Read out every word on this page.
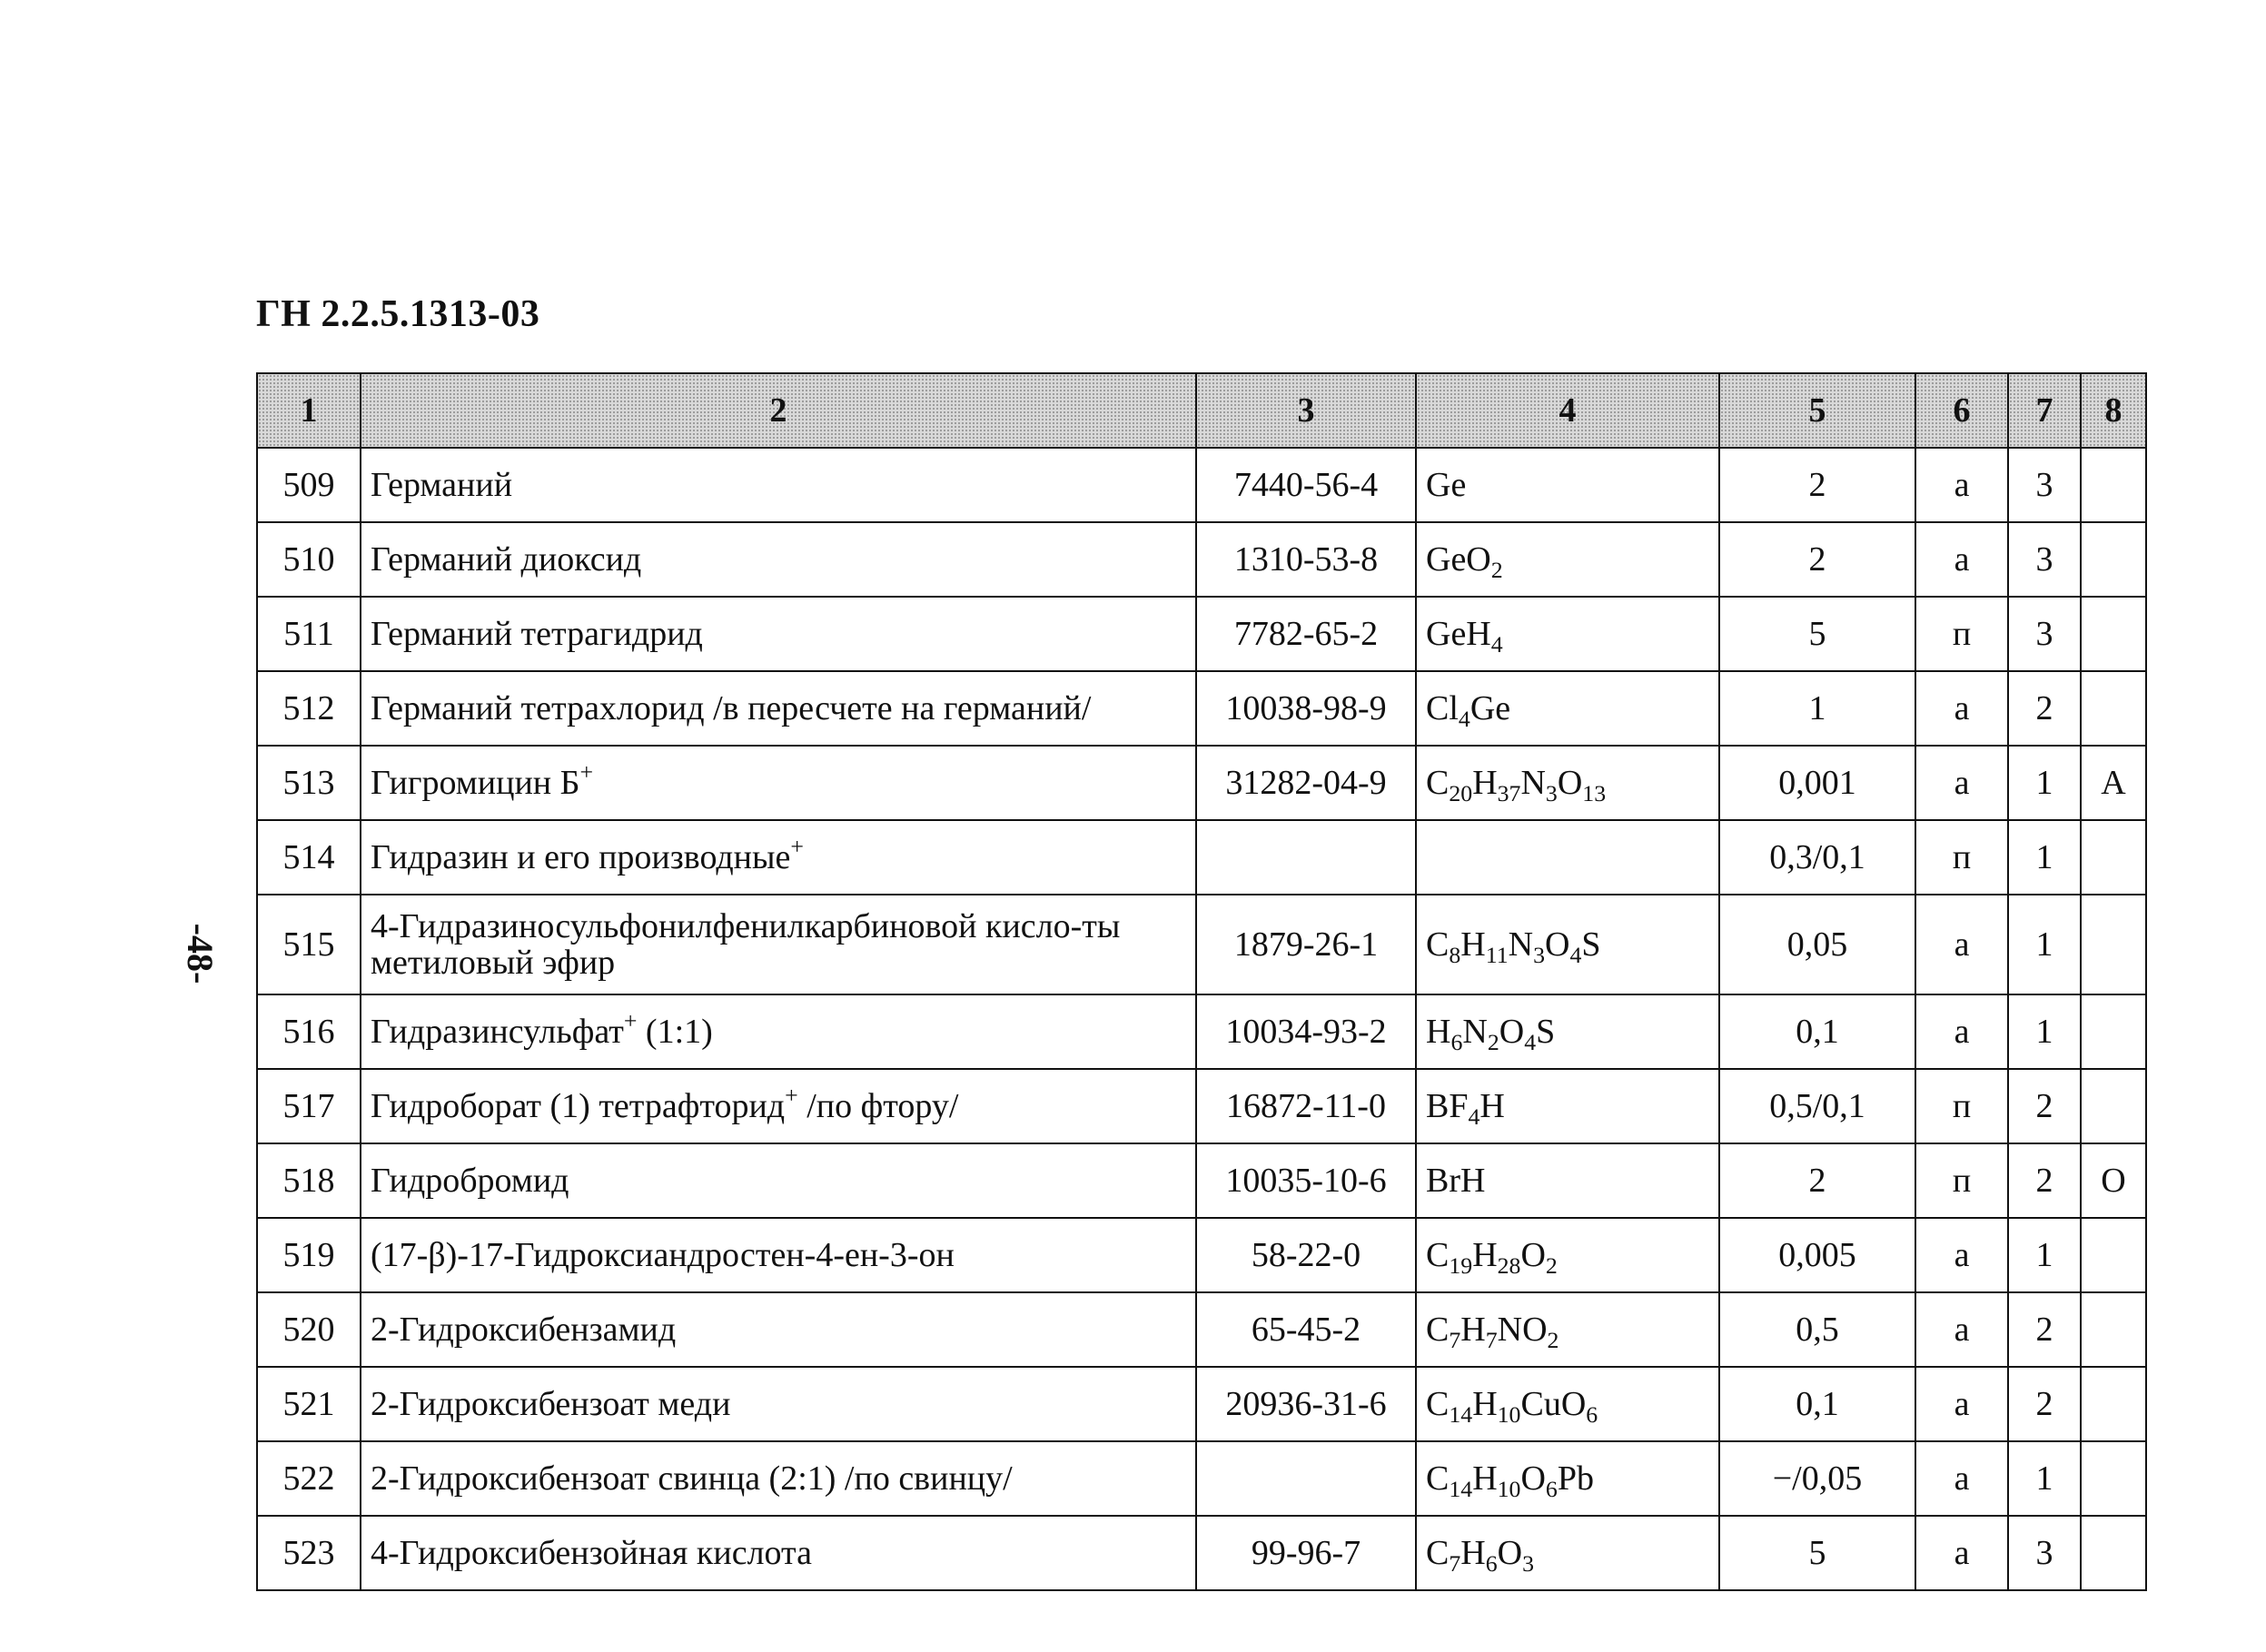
ГН 2.2.5.1313-03
-48-
1	2	3	4	5	6	7	8
509	Германий	7440-56-4	Ge	2	а	3	
510	Германий диоксид	1310-53-8	GeO$_2$	2	а	3	
511	Германий тетрагидрид	7782-65-2	GeH$_4$	5	п	3	
512	Германий тетрахлорид /в пересчете на германий/	10038-98-9	$Cl_4Ge$	1	а	2	
513	Гигромицин Б+	31282-04-9	$C_{20}H_{37}N_3O_{13}$	0,001	а	1	А
514	Гидразин и его производные+			0,3/0,1	п	1	
515	4-Гидразиносульфонилфенилкарбиновой кисло-ты метиловый эфир	1879-26-1	$C_8H_{11}N_3O_4S$	0,05	а	1	
516	Гидразинсульфат+ (1:1)	10034-93-2	$H_6N_2O_4S$	0,1	а	1	
517	Гидроборат (1) тетрафторид+ /по фтору/	16872-11-0	$BF_4H$	0,5/0,1	п	2	
518	Гидробромид	10035-10-6	BrH	2	п	2	О
519	(17-β)-17-Гидроксиандростен-4-ен-3-он	58-22-0	$C_{19}H_{28}O_2$	0,005	а	1	
520	2-Гидроксибензамид	65-45-2	$C_7H_7NO_2$	0,5	а	2	
521	2-Гидроксибензоат меди	20936-31-6	$C_{14}H_{10}CuO_6$	0,1	а	2	
522	2-Гидроксибензоат свинца (2:1) /по свинцу/		$C_{14}H_{10}O_6Pb$	−/0,05	а	1	
523	4-Гидроксибензойная кислота	99-96-7	$C_7H_6O_3$	5	а	3	
